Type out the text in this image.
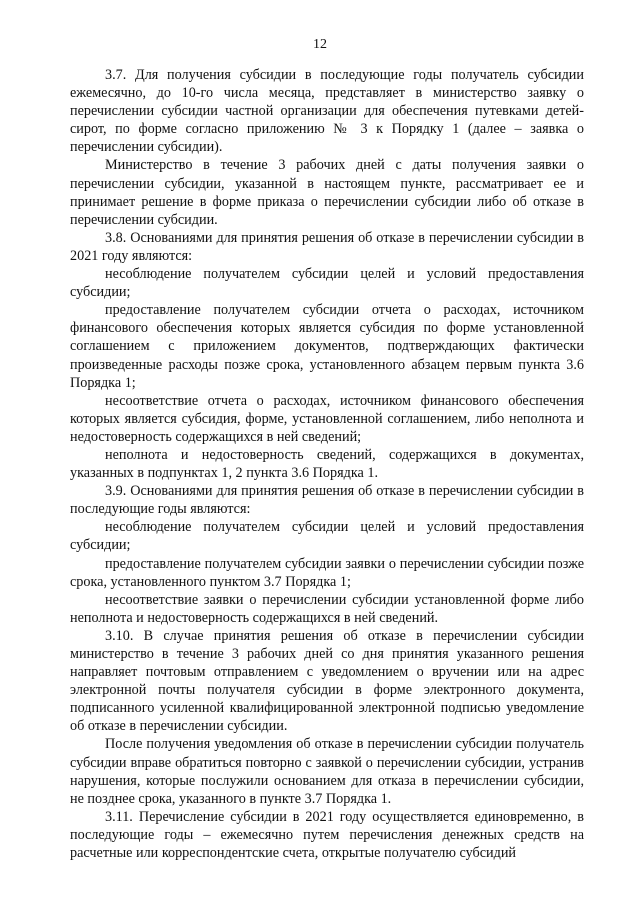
12

3.7. Для получения субсидии в последующие годы получатель субсидии ежемесячно, до 10-го числа месяца, представляет в министерство заявку о перечислении субсидии частной организации для обеспечения путевками детей-сирот, по форме согласно приложению № 3 к Порядку 1 (далее – заявка о перечислении субсидии).

Министерство в течение 3 рабочих дней с даты получения заявки о перечислении субсидии, указанной в настоящем пункте, рассматривает ее и принимает решение в форме приказа о перечислении субсидии либо об отказе в перечислении субсидии.

3.8. Основаниями для принятия решения об отказе в перечислении субсидии в 2021 году являются:

несоблюдение получателем субсидии целей и условий предоставления субсидии;

предоставление получателем субсидии отчета о расходах, источником финансового обеспечения которых является субсидия по форме установленной соглашением с приложением документов, подтверждающих фактически произведенные расходы позже срока, установленного абзацем первым пункта 3.6 Порядка 1;

несоответствие отчета о расходах, источником финансового обеспечения которых является субсидия, форме, установленной соглашением, либо неполнота и недостоверность содержащихся в ней сведений;

неполнота и недостоверность сведений, содержащихся в документах, указанных в подпунктах 1, 2 пункта 3.6 Порядка 1.

3.9. Основаниями для принятия решения об отказе в перечислении субсидии в последующие годы являются:

несоблюдение получателем субсидии целей и условий предоставления субсидии;

предоставление получателем субсидии заявки о перечислении субсидии позже срока, установленного пунктом 3.7 Порядка 1;

несоответствие заявки о перечислении субсидии установленной форме либо неполнота и недостоверность содержащихся в ней сведений.

3.10. В случае принятия решения об отказе в перечислении субсидии министерство в течение 3 рабочих дней со дня принятия указанного решения направляет почтовым отправлением с уведомлением о вручении или на адрес электронной почты получателя субсидии в форме электронного документа, подписанного усиленной квалифицированной электронной подписью уведомление об отказе в перечислении субсидии.

После получения уведомления об отказе в перечислении субсидии получатель субсидии вправе обратиться повторно с заявкой о перечислении субсидии, устранив нарушения, которые послужили основанием для отказа в перечислении субсидии, не позднее срока, указанного в пункте 3.7 Порядка 1.

3.11. Перечисление субсидии в 2021 году осуществляется единовременно, в последующие годы – ежемесячно путем перечисления денежных средств на расчетные или корреспондентские счета, открытые получателю субсидий
